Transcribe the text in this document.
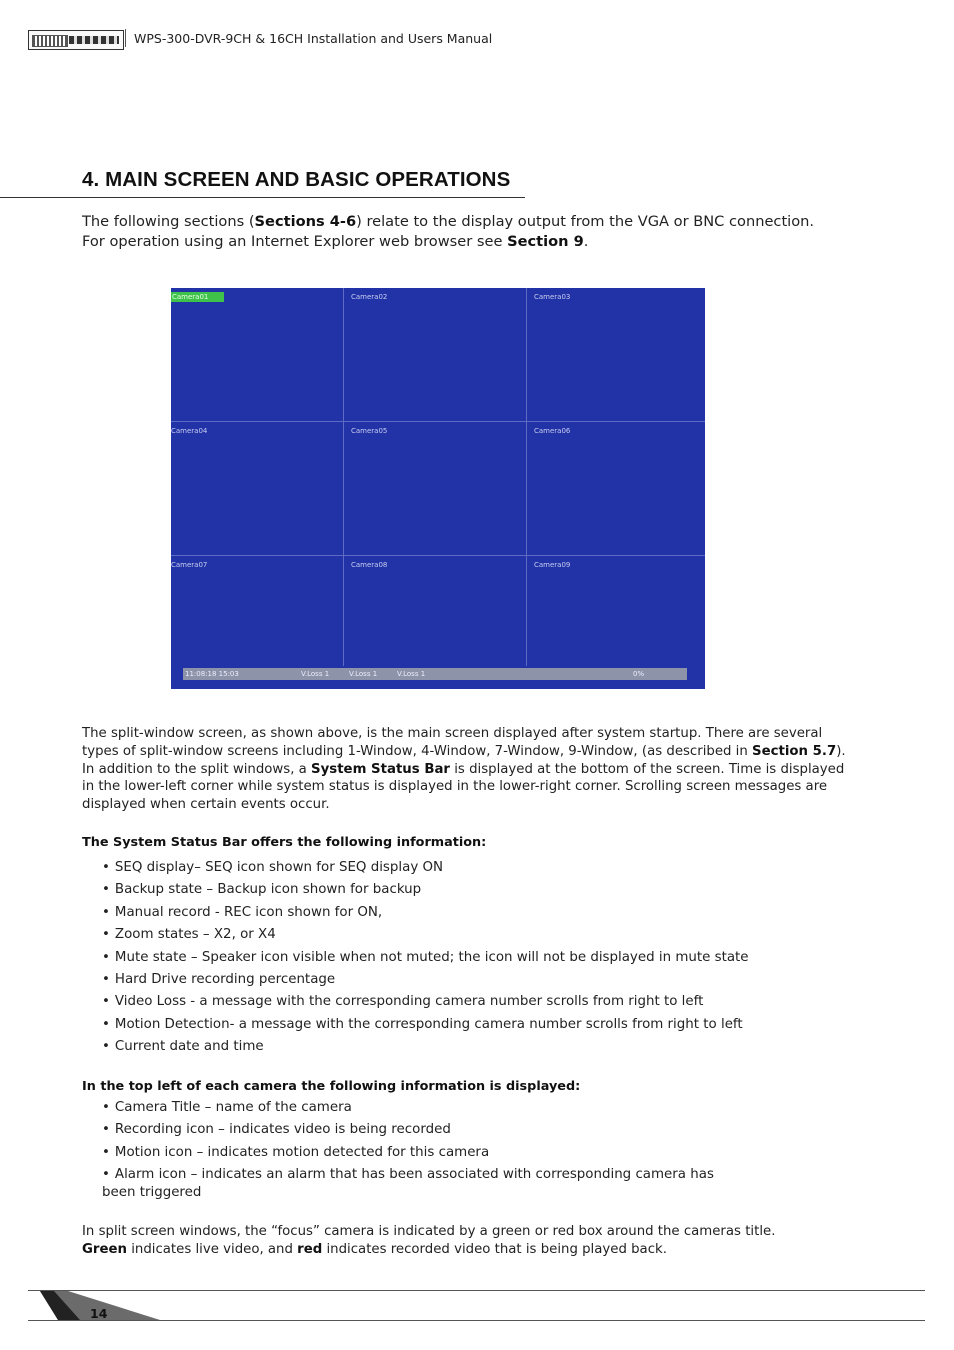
WPS-300-DVR-9CH & 16CH Installation and Users Manual
4. MAIN SCREEN AND BASIC OPERATIONS
The following sections (Sections 4-6) relate to the display output from the VGA or BNC connection.
For operation using an Internet Explorer web browser see Section 9.
Camera01	Camera02	Camera03
Camera04	Camera05	Camera06
Camera07	Camera08	Camera09
11:08:18 15:03	V.Loss 1	V.Loss 1	V.Loss 1	0%
The split-window screen, as shown above, is the main screen displayed after system startup. There are several types of split-window screens including 1-Window, 4-Window, 7-Window, 9-Window, (as described in Section 5.7). In addition to the split windows, a System Status Bar is displayed at the bottom of the screen. Time is displayed in the lower-left corner while system status is displayed in the lower-right corner. Scrolling screen messages are displayed when certain events occur.
The System Status Bar offers the following information:
• SEQ display– SEQ icon shown for SEQ display ON
• Backup state – Backup icon shown for backup
• Manual record - REC icon shown for ON,
• Zoom states – X2, or X4
• Mute state – Speaker icon visible when not muted; the icon will not be displayed in mute state
• Hard Drive recording percentage
• Video Loss - a message with the corresponding camera number scrolls from right to left
• Motion Detection- a message with the corresponding camera number scrolls from right to left
• Current date and time
In the top left of each camera the following information is displayed:
• Camera Title – name of the camera
• Recording icon – indicates video is being recorded
• Motion icon – indicates motion detected for this camera
• Alarm icon – indicates an alarm that has been associated with corresponding camera has been triggered
In split screen windows, the “focus” camera is indicated by a green or red box around the cameras title.
Green indicates live video, and red indicates recorded video that is being played back.
14
